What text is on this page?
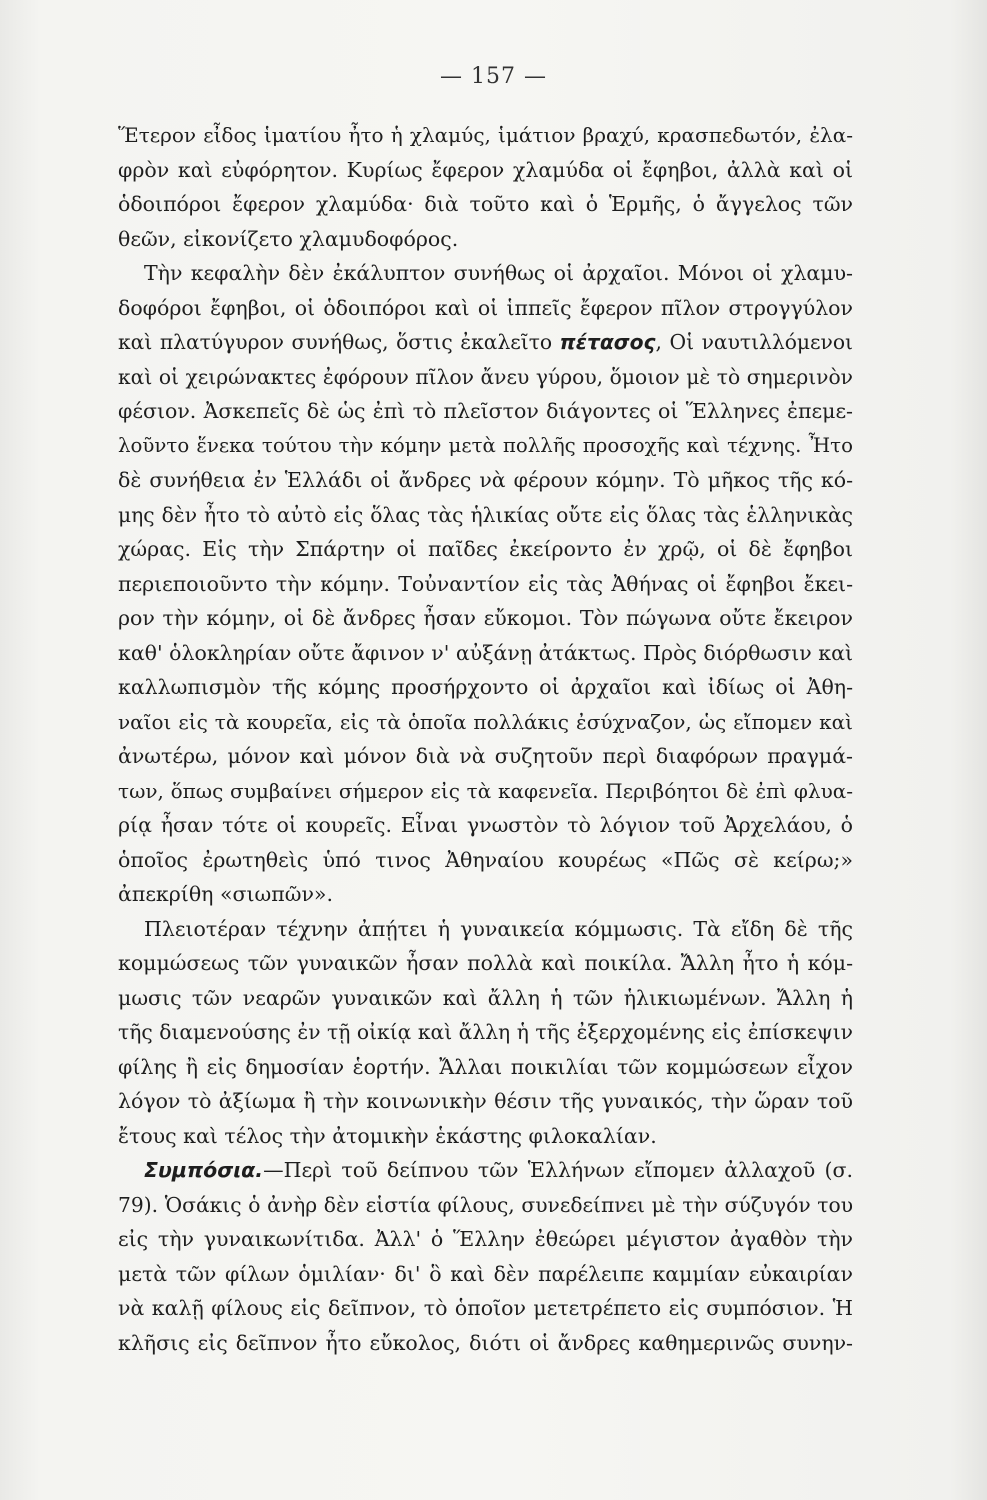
— 157 —
Ἕτερον εἶδος ἱματίου ἦτο ἡ χλαμύς, ἱμάτιον βραχύ, κρασπεδωτόν, ἐλα-
φρὸν καὶ εὐφόρητον. Κυρίως ἔφερον χλαμύδα οἱ ἔφηβοι, ἀλλὰ καὶ οἱ
ὁδοιπόροι ἔφερον χλαμύδα· διὰ τοῦτο καὶ ὁ Ἑρμῆς, ὁ ἄγγελος τῶν
θεῶν, εἰκονίζετο χλαμυδοφόρος.
Τὴν κεφαλὴν δὲν ἐκάλυπτον συνήθως οἱ ἀρχαῖοι. Μόνοι οἱ χλαμυ-
δοφόροι ἔφηβοι, οἱ ὁδοιπόροι καὶ οἱ ἱππεῖς ἔφερον πῖλον στρογγύλον
καὶ πλατύγυρον συνήθως, ὅστις ἐκαλεῖτο πέτασος, Οἱ ναυτιλλόμενοι
καὶ οἱ χειρώνακτες ἐφόρουν πῖλον ἄνευ γύρου, ὅμοιον μὲ τὸ σημερινὸν
φέσιον. Ἀσκεπεῖς δὲ ὡς ἐπὶ τὸ πλεῖστον διάγοντες οἱ Ἕλληνες ἐπεμε-
λοῦντο ἕνεκα τούτου τὴν κόμην μετὰ πολλῆς προσοχῆς καὶ τέχνης. Ἦτο
δὲ συνήθεια ἐν Ἑλλάδι οἱ ἄνδρες νὰ φέρουν κόμην. Τὸ μῆκος τῆς κό-
μης δὲν ἦτο τὸ αὐτὸ εἰς ὅλας τὰς ἡλικίας οὔτε εἰς ὅλας τὰς ἑλληνικὰς
χώρας. Εἰς τὴν Σπάρτην οἱ παῖδες ἐκείροντο ἐν χρῷ, οἱ δὲ ἔφηβοι
περιεποιοῦντο τὴν κόμην. Τοὐναντίον εἰς τὰς Ἀθήνας οἱ ἔφηβοι ἔκει-
ρον τὴν κόμην, οἱ δὲ ἄνδρες ἦσαν εὔκομοι. Τὸν πώγωνα οὔτε ἔκειρον
καθ' ὁλοκληρίαν οὔτε ἄφινον ν' αὐξάνῃ ἀτάκτως. Πρὸς διόρθωσιν καὶ
καλλωπισμὸν τῆς κόμης προσήρχοντο οἱ ἀρχαῖοι καὶ ἰδίως οἱ Ἀθη-
ναῖοι εἰς τὰ κουρεῖα, εἰς τὰ ὁποῖα πολλάκις ἐσύχναζον, ὡς εἴπομεν καὶ
ἀνωτέρω, μόνον καὶ μόνον διὰ νὰ συζητοῦν περὶ διαφόρων πραγμά-
των, ὅπως συμβαίνει σήμερον εἰς τὰ καφενεῖα. Περιβόητοι δὲ ἐπὶ φλυα-
ρίᾳ ἦσαν τότε οἱ κουρεῖς. Εἶναι γνωστὸν τὸ λόγιον τοῦ Ἀρχελάου, ὁ
ὁποῖος ἐρωτηθεὶς ὑπό τινος Ἀθηναίου κουρέως «Πῶς σὲ κείρω;»
ἀπεκρίθη «σιωπῶν».
Πλειοτέραν τέχνην ἀπῄτει ἡ γυναικεία κόμμωσις. Τὰ εἴδη δὲ τῆς
κομμώσεως τῶν γυναικῶν ἦσαν πολλὰ καὶ ποικίλα. Ἄλλη ἦτο ἡ κόμ-
μωσις τῶν νεαρῶν γυναικῶν καὶ ἄλλη ἡ τῶν ἡλικιωμένων. Ἄλλη ἡ
τῆς διαμενούσης ἐν τῇ οἰκίᾳ καὶ ἄλλη ἡ τῆς ἐξερχομένης εἰς ἐπίσκεψιν
φίλης ἢ εἰς δημοσίαν ἑορτήν. Ἄλλαι ποικιλίαι τῶν κομμώσεων εἶχον
λόγον τὸ ἀξίωμα ἢ τὴν κοινωνικὴν θέσιν τῆς γυναικός, τὴν ὥραν τοῦ
ἔτους καὶ τέλος τὴν ἀτομικὴν ἑκάστης φιλοκαλίαν.
Συμπόσια.—Περὶ τοῦ δείπνου τῶν Ἑλλήνων εἴπομεν ἀλλαχοῦ (σ.
79). Ὁσάκις ὁ ἀνὴρ δὲν εἱστία φίλους, συνεδείπνει μὲ τὴν σύζυγόν του
εἰς τὴν γυναικωνίτιδα. Ἀλλ' ὁ Ἕλλην ἐθεώρει μέγιστον ἀγαθὸν τὴν
μετὰ τῶν φίλων ὁμιλίαν· δι' ὃ καὶ δὲν παρέλειπε καμμίαν εὐκαιρίαν
νὰ καλῇ φίλους εἰς δεῖπνον, τὸ ὁποῖον μετετρέπετο εἰς συμπόσιον. Ἡ
κλῆσις εἰς δεῖπνον ἦτο εὔκολος, διότι οἱ ἄνδρες καθημερινῶς συνην-
